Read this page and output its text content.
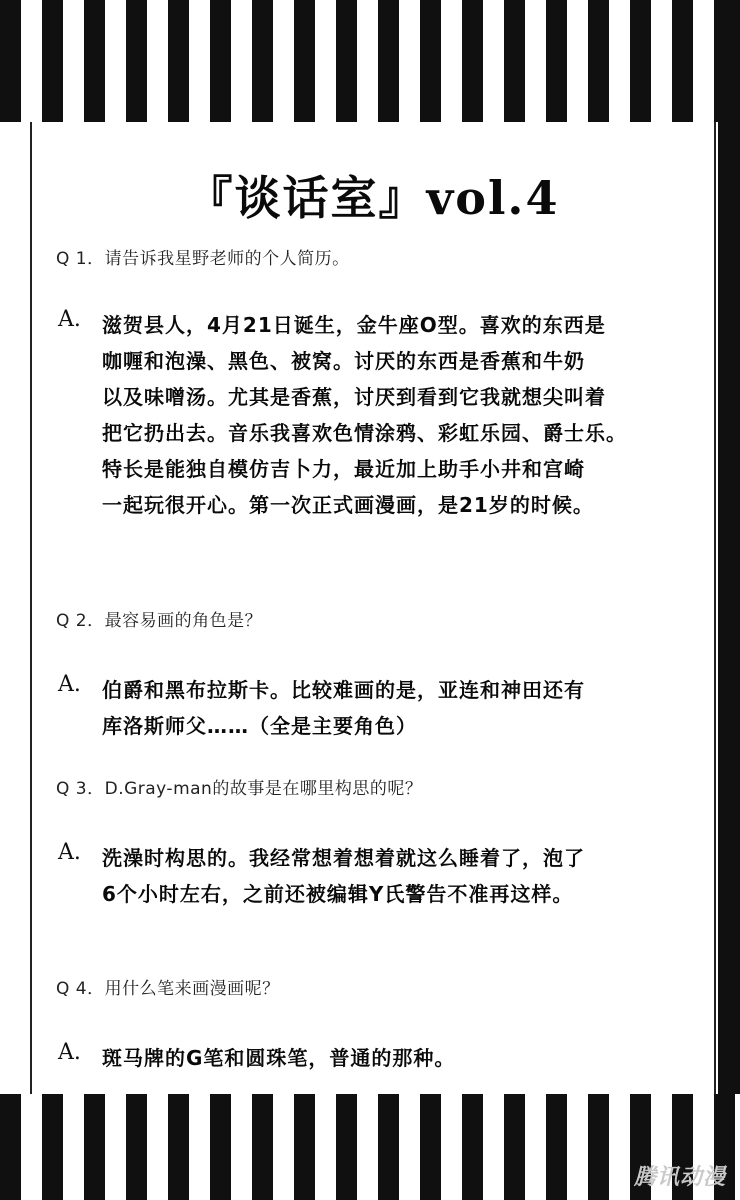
『谈话室』vol.4
Q 1．请告诉我星野老师的个人简历。
A. 滋贺县人，4月21日诞生，金牛座O型。喜欢的东西是
咖喱和泡澡、黑色、被窝。讨厌的东西是香蕉和牛奶
以及味噌汤。尤其是香蕉，讨厌到看到它我就想尖叫着
把它扔出去。音乐我喜欢色情涂鸦、彩虹乐园、爵士乐。
特长是能独自模仿吉卜力，最近加上助手小井和宫崎
一起玩很开心。第一次正式画漫画，是21岁的时候。
Q 2．最容易画的角色是？
A. 伯爵和黑布拉斯卡。比较难画的是，亚连和神田还有
库洛斯师父……（全是主要角色）
Q 3．D.Gray-man的故事是在哪里构思的呢？
A. 洗澡时构思的。我经常想着想着就这么睡着了，泡了
6个小时左右，之前还被编辑Y氏警告不准再这样。
Q 4．用什么笔来画漫画呢？
A. 斑马牌的G笔和圆珠笔，普通的那种。
腾讯动漫
